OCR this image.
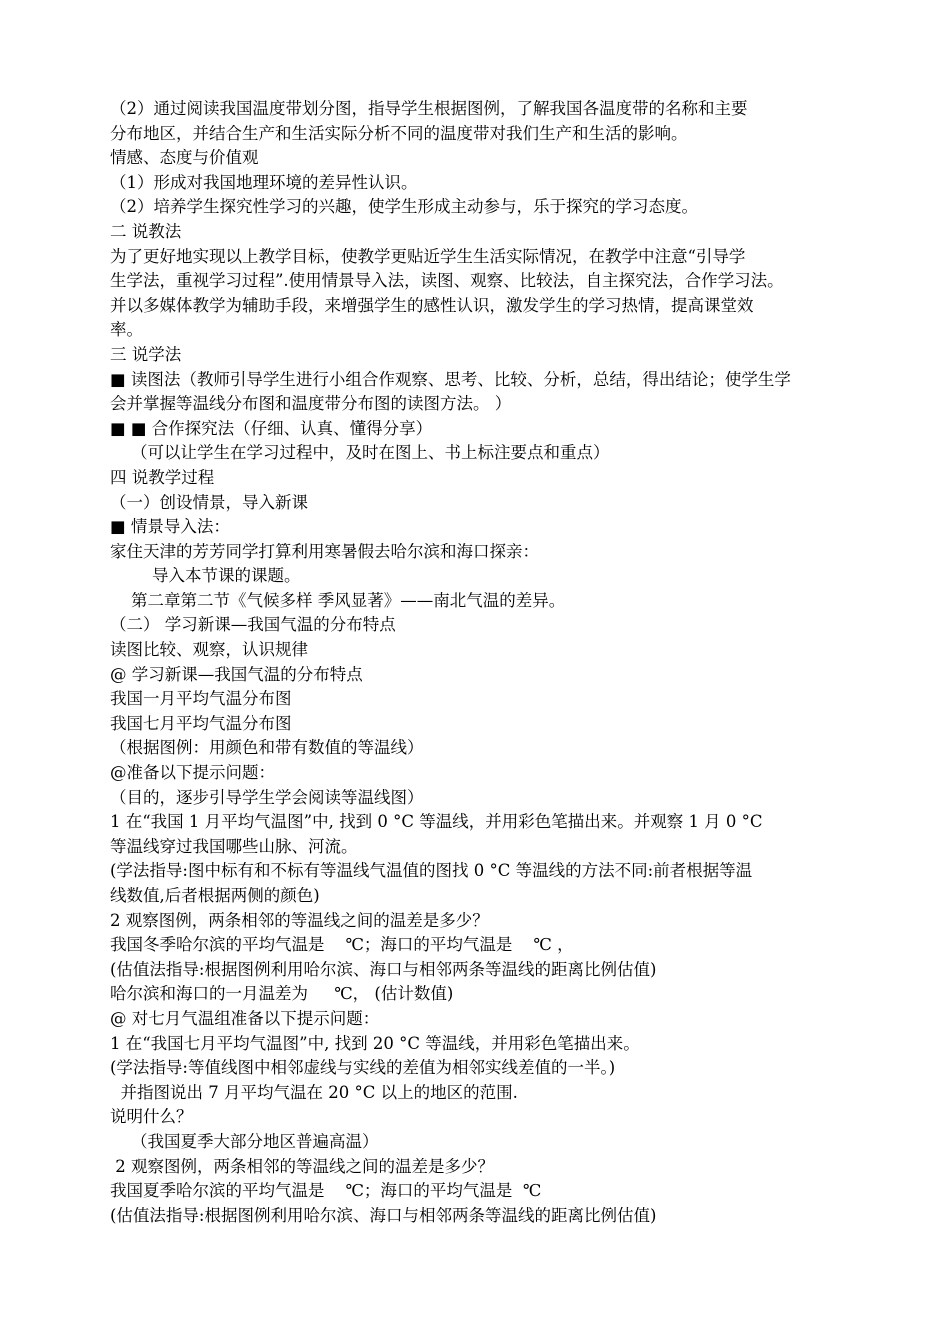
（2）通过阅读我国温度带划分图，指导学生根据图例，了解我国各温度带的名称和主要
分布地区，并结合生产和生活实际分析不同的温度带对我们生产和生活的影响。
情感、态度与价值观
（1）形成对我国地理环境的差异性认识。
（2）培养学生探究性学习的兴趣，使学生形成主动参与，乐于探究的学习态度。
二 说教法
为了更好地实现以上教学目标，使教学更贴近学生生活实际情况，在教学中注意“引导学
生学法，重视学习过程”.使用情景导入法，读图、观察、比较法，自主探究法，合作学习法。
并以多媒体教学为辅助手段，来增强学生的感性认识，激发学生的学习热情，提高课堂效
率。
三 说学法
■ 读图法（教师引导学生进行小组合作观察、思考、比较、分析，总结，得出结论；使学生学
会并掌握等温线分布图和温度带分布图的读图方法。 ）
■ ■ 合作探究法（仔细、认真、懂得分享）
（可以让学生在学习过程中，及时在图上、书上标注要点和重点）
四 说教学过程
（一）创设情景，导入新课
■ 情景导入法：
家住天津的芳芳同学打算利用寒暑假去哈尔滨和海口探亲：
导入本节课的课题。
第二章第二节《气候多样 季风显著》——南北气温的差异。
（二） 学习新课—我国气温的分布特点
读图比较、观察，认识规律
@ 学习新课—我国气温的分布特点
我国一月平均气温分布图
我国七月平均气温分布图
（根据图例：用颜色和带有数值的等温线）
@准备以下提示问题：
（目的，逐步引导学生学会阅读等温线图）
1 在“我国 1 月平均气温图”中, 找到 0 °C 等温线，并用彩色笔描出来。并观察 1 月 0 °C
等温线穿过我国哪些山脉、河流。
(学法指导:图中标有和不标有等温线气温值的图找 0 °C 等温线的方法不同:前者根据等温
线数值,后者根据两侧的颜色)
2 观察图例，两条相邻的等温线之间的温差是多少？
我国冬季哈尔滨的平均气温是    ℃；海口的平均气温是    ℃ ，
(估值法指导:根据图例利用哈尔滨、海口与相邻两条等温线的距离比例估值)
哈尔滨和海口的一月温差为     ℃， (估计数值)
@ 对七月气温组准备以下提示问题：
1 在“我国七月平均气温图”中, 找到 20 °C 等温线，并用彩色笔描出来。
(学法指导:等值线图中相邻虚线与实线的差值为相邻实线差值的一半。)
并指图说出 7 月平均气温在 20 °C 以上的地区的范围.
说明什么？
（我国夏季大部分地区普遍高温）
2 观察图例，两条相邻的等温线之间的温差是多少？
我国夏季哈尔滨的平均气温是    ℃；海口的平均气温是  ℃
(估值法指导:根据图例利用哈尔滨、海口与相邻两条等温线的距离比例估值)
